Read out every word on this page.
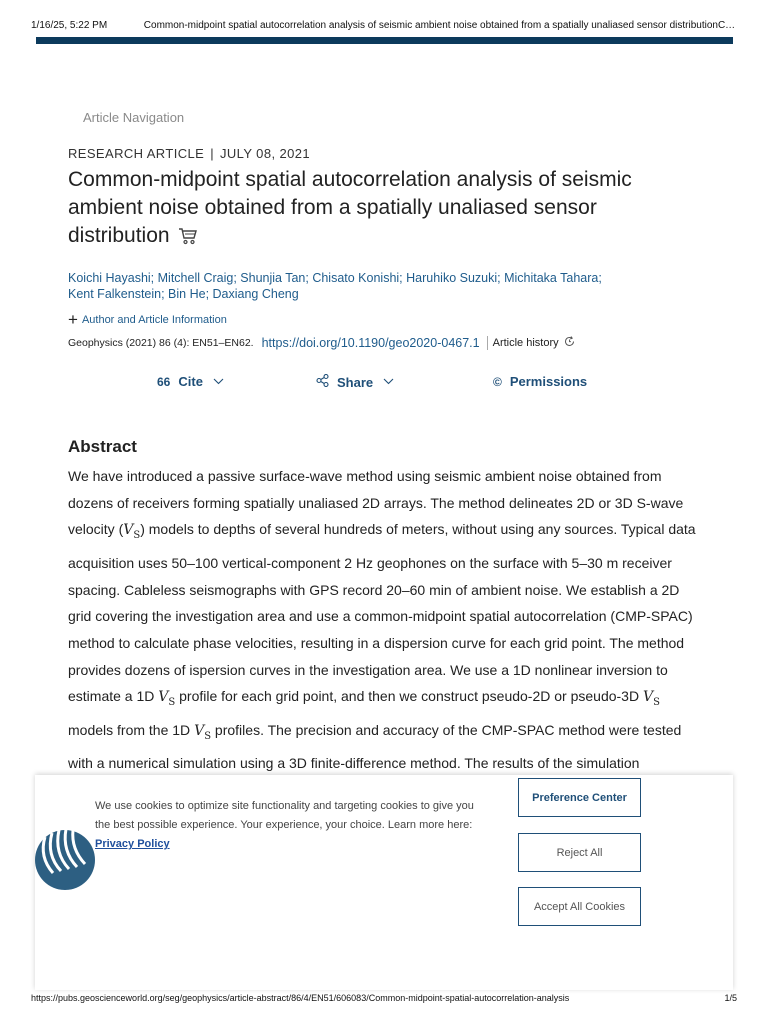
1/16/25, 5:22 PM	Common-midpoint spatial autocorrelation analysis of seismic ambient noise obtained from a spatially unaliased sensor distributionC…
Article Navigation
RESEARCH ARTICLE | JULY 08, 2021
Common-midpoint spatial autocorrelation analysis of seismic ambient noise obtained from a spatially unaliased sensor distribution
Koichi Hayashi; Mitchell Craig; Shunjia Tan; Chisato Konishi; Haruhiko Suzuki; Michitaka Tahara;
Kent Falkenstein; Bin He; Daxiang Cheng
+ Author and Article Information
Geophysics (2021) 86 (4): EN51–EN62. https://doi.org/10.1190/geo2020-0467.1	Article history
66 Cite	Share	© Permissions
Abstract

We have introduced a passive surface-wave method using seismic ambient noise obtained from dozens of receivers forming spatially unaliased 2D arrays. The method delineates 2D or 3D S-wave velocity $(V_S)$ models to depths of several hundreds of meters, without using any sources. Typical data acquisition uses 50–100 vertical-component 2 Hz geophones on the surface with 5–30 m receiver spacing. Cableless seismographs with GPS record 20–60 min of ambient noise. We establish a 2D grid covering the investigation area and use a common-midpoint spatial autocorrelation (CMP-SPAC) method to calculate phase velocities, resulting in a dispersion curve for each grid point. The method provides dozens of ispersion curves in the investigation area. We use a 1D nonlinear inversion to estimate a 1D $V_S$ profile for each grid point, and then we construct pseudo-2D or pseudo-3D $V_S$ models from the 1D $V_S$ profiles. The precision and accuracy of the CMP-SPAC method were tested with a numerical simulation using a 3D finite-difference method. The results of the simulation

We use cookies to optimize site functionality and targeting cookies to give you the best possible experience. Your experience, your choice. Learn more here: Privacy Policy
Preference Center
Reject All
Accept All Cookies
https://pubs.geoscienceworld.org/seg/geophysics/article-abstract/86/4/EN51/606083/Common-midpoint-spatial-autocorrelation-analysis	1/5
